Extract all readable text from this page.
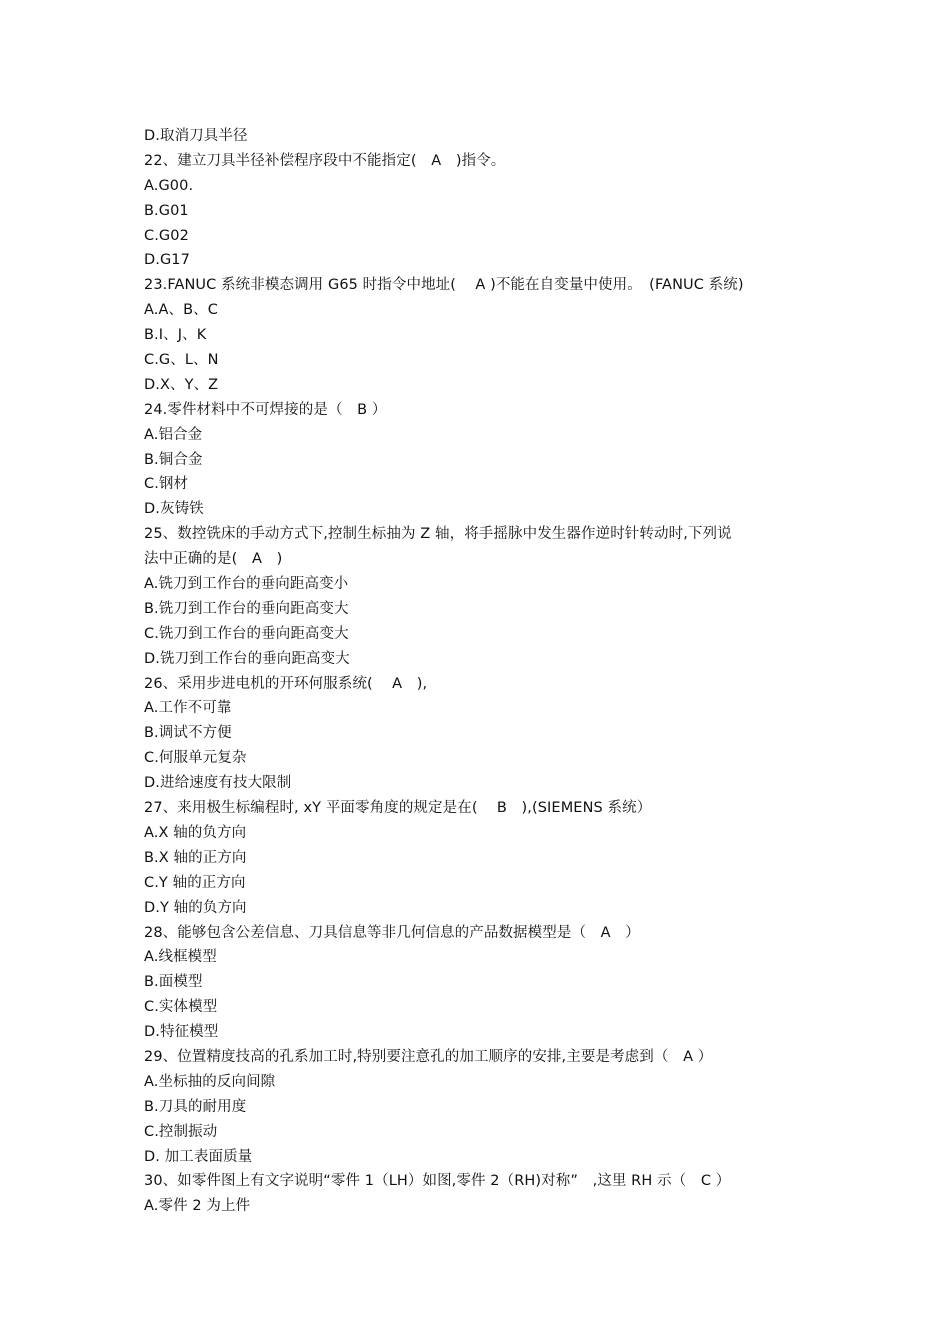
D.取消刀具半径
22、建立刀具半径补偿程序段中不能指定(　A　)指令。
A.G00.
B.G01
C.G02
D.G17
23.FANUC 系统非模态调用 G65 时指令中地址(　 A )不能在自变量中使用。　(FANUC 系统)
A.A、B、C
B.I、J、K
C.G、L、N
D.X、Y、Z
24.零件材料中不可焊接的是（　B ）
A.铝合金
B.铜合金
C.钢材
D.灰铸铁
25、数控铣床的手动方式下,控制生标抽为 Z 轴，将手摇脉中发生器作逆时针转动时,下列说
法中正确的是(　A　)
A.铣刀到工作台的垂向距高变小
B.铣刀到工作台的垂向距高变大
C.铣刀到工作台的垂向距高变大
D.铣刀到工作台的垂向距高变大
26、采用步进电机的开环何服系统(　 A　),
A.工作不可靠
B.调试不方便
C.何服单元复杂
D.进给速度有技大限制
27、来用极生标编程时, xY 平面零角度的规定是在(　 B　),(SIEMENS 系统）
A.X 轴的负方向
B.X 轴的正方向
C.Y 轴的正方向
D.Y 轴的负方向
28、能够包含公差信息、刀具信息等非几何信息的产品数据模型是（　A　）
A.线框模型
B.面模型
C.实体模型
D.特征模型
29、位置精度技高的孔系加工时,特别要注意孔的加工顺序的安排,主要是考虑到（　A ）
A.坐标抽的反向间隙
B.刀具的耐用度
C.控制振动
D. 加工表面质量
30、如零件图上有文字说明“零件 1（LH）如图,零件 2（RH)对称”　,这里 RH 示（　C ）
A.零件 2 为上件
